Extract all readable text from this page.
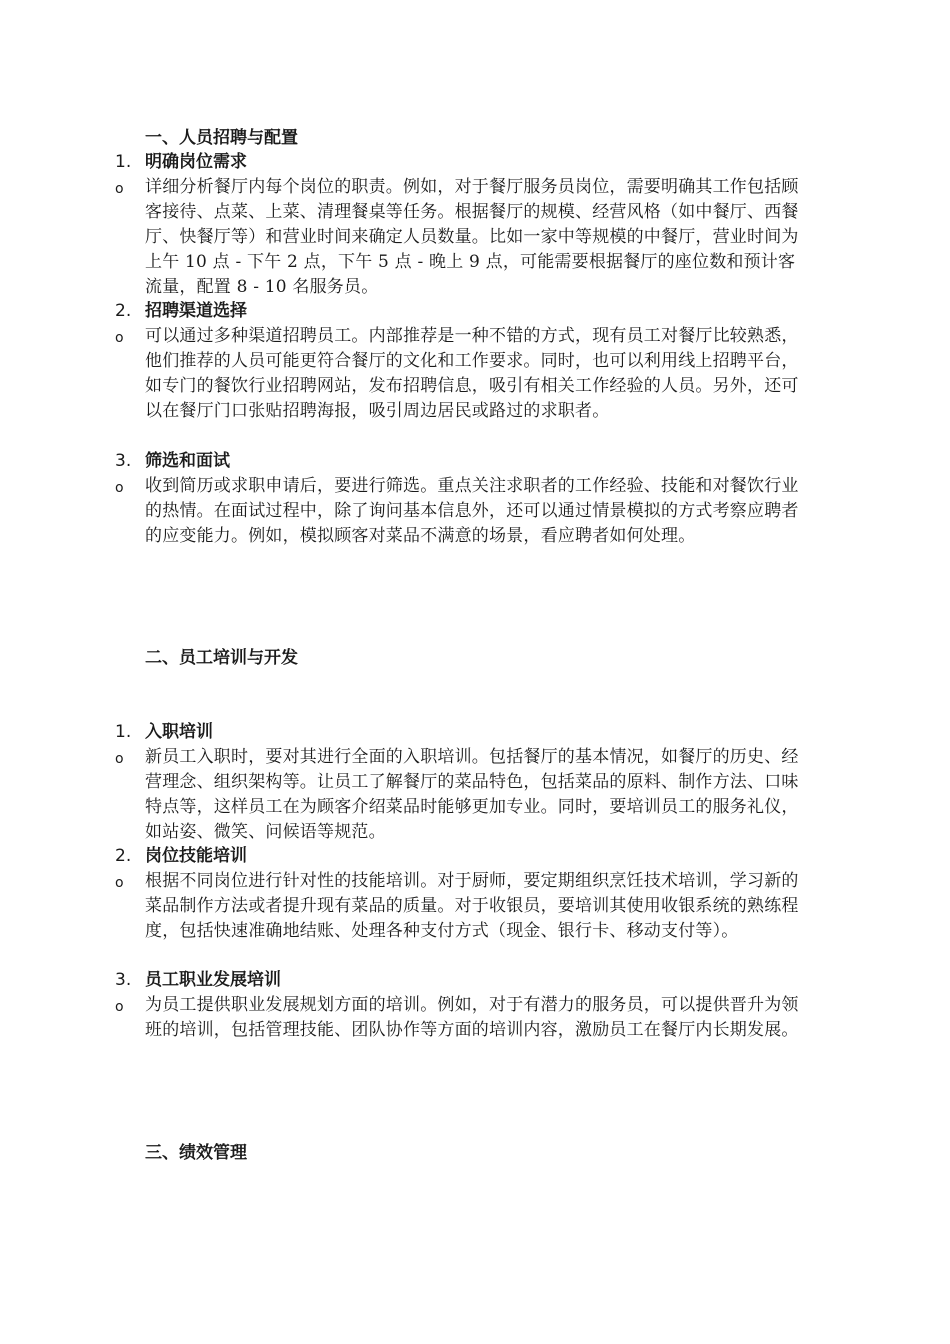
一、人员招聘与配置
1. 明确岗位需求
o	详细分析餐厅内每个岗位的职责。例如，对于餐厅服务员岗位，需要明确其工作包括顾客接待、点菜、上菜、清理餐桌等任务。根据餐厅的规模、经营风格（如中餐厅、西餐厅、快餐厅等）和营业时间来确定人员数量。比如一家中等规模的中餐厅，营业时间为上午 10 点 - 下午 2 点，下午 5 点 - 晚上 9 点，可能需要根据餐厅的座位数和预计客流量，配置 8 - 10 名服务员。
2. 招聘渠道选择
o	可以通过多种渠道招聘员工。内部推荐是一种不错的方式，现有员工对餐厅比较熟悉，他们推荐的人员可能更符合餐厅的文化和工作要求。同时，也可以利用线上招聘平台，如专门的餐饮行业招聘网站，发布招聘信息，吸引有相关工作经验的人员。另外，还可以在餐厅门口张贴招聘海报，吸引周边居民或路过的求职者。
3. 筛选和面试
o	收到简历或求职申请后，要进行筛选。重点关注求职者的工作经验、技能和对餐饮行业的热情。在面试过程中，除了询问基本信息外，还可以通过情景模拟的方式考察应聘者的应变能力。例如，模拟顾客对菜品不满意的场景，看应聘者如何处理。
二、员工培训与开发
1. 入职培训
o	新员工入职时，要对其进行全面的入职培训。包括餐厅的基本情况，如餐厅的历史、经营理念、组织架构等。让员工了解餐厅的菜品特色，包括菜品的原料、制作方法、口味特点等，这样员工在为顾客介绍菜品时能够更加专业。同时，要培训员工的服务礼仪，如站姿、微笑、问候语等规范。
2. 岗位技能培训
o	根据不同岗位进行针对性的技能培训。对于厨师，要定期组织烹饪技术培训，学习新的菜品制作方法或者提升现有菜品的质量。对于收银员，要培训其使用收银系统的熟练程度，包括快速准确地结账、处理各种支付方式（现金、银行卡、移动支付等）。
3. 员工职业发展培训
o	为员工提供职业发展规划方面的培训。例如，对于有潜力的服务员，可以提供晋升为领班的培训，包括管理技能、团队协作等方面的培训内容，激励员工在餐厅内长期发展。
三、绩效管理
